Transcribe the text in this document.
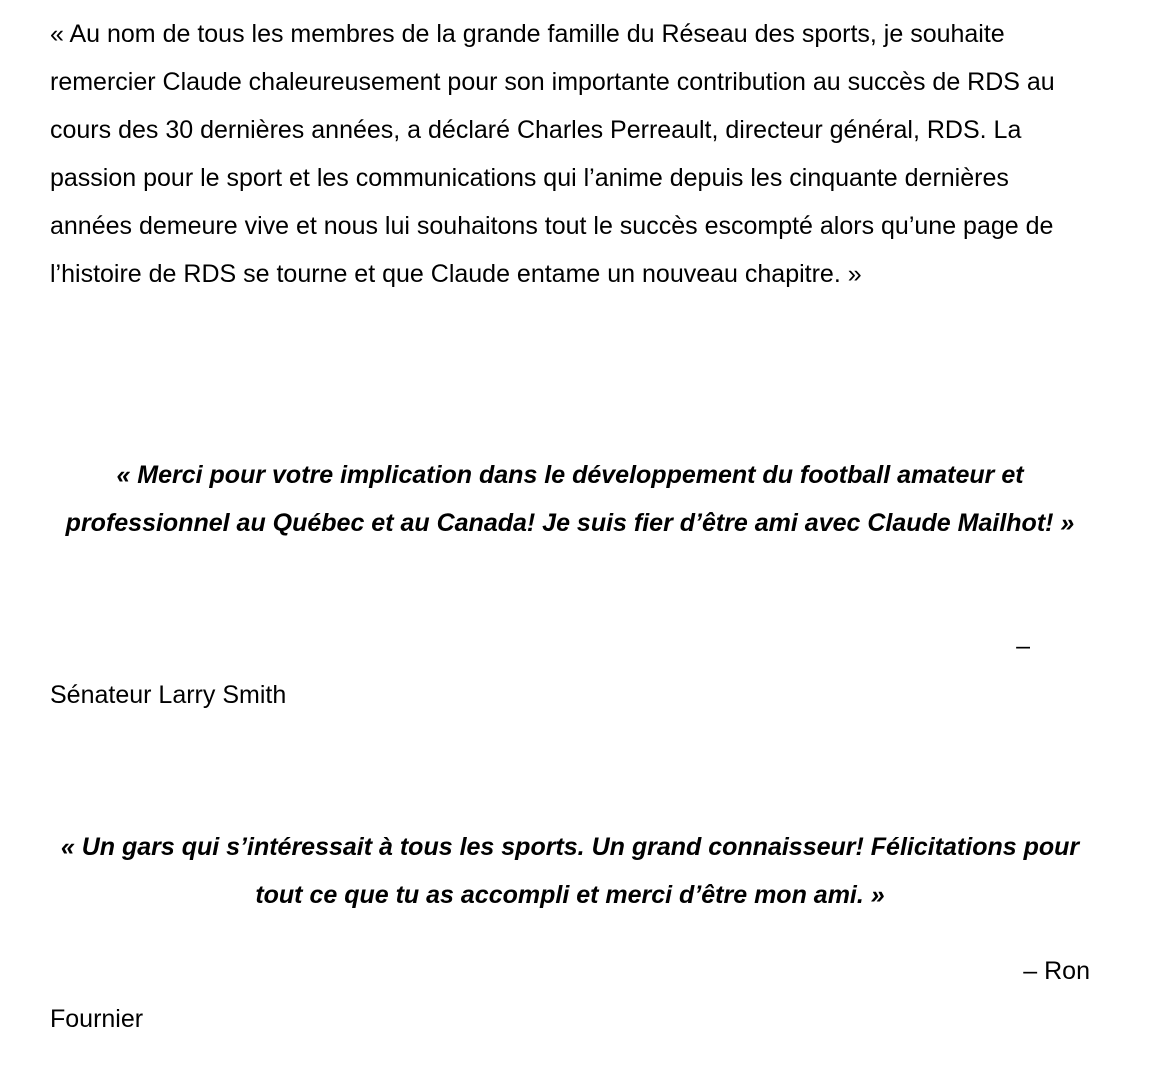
« Au nom de tous les membres de la grande famille du Réseau des sports, je souhaite remercier Claude chaleureusement pour son importante contribution au succès de RDS au cours des 30 dernières années, a déclaré Charles Perreault, directeur général, RDS. La passion pour le sport et les communications qui l’anime depuis les cinquante dernières années demeure vive et nous lui souhaitons tout le succès escompté alors qu’une page de l’histoire de RDS se tourne et que Claude entame un nouveau chapitre. »

« Merci pour votre implication dans le développement du football amateur et professionnel au Québec et au Canada! Je suis fier d’être ami avec Claude Mailhot! »

–

Sénateur Larry Smith

« Un gars qui s’intéressait à tous les sports. Un grand connaisseur! Félicitations pour tout ce que tu as accompli et merci d’être mon ami. »

– Ron

Fournier
